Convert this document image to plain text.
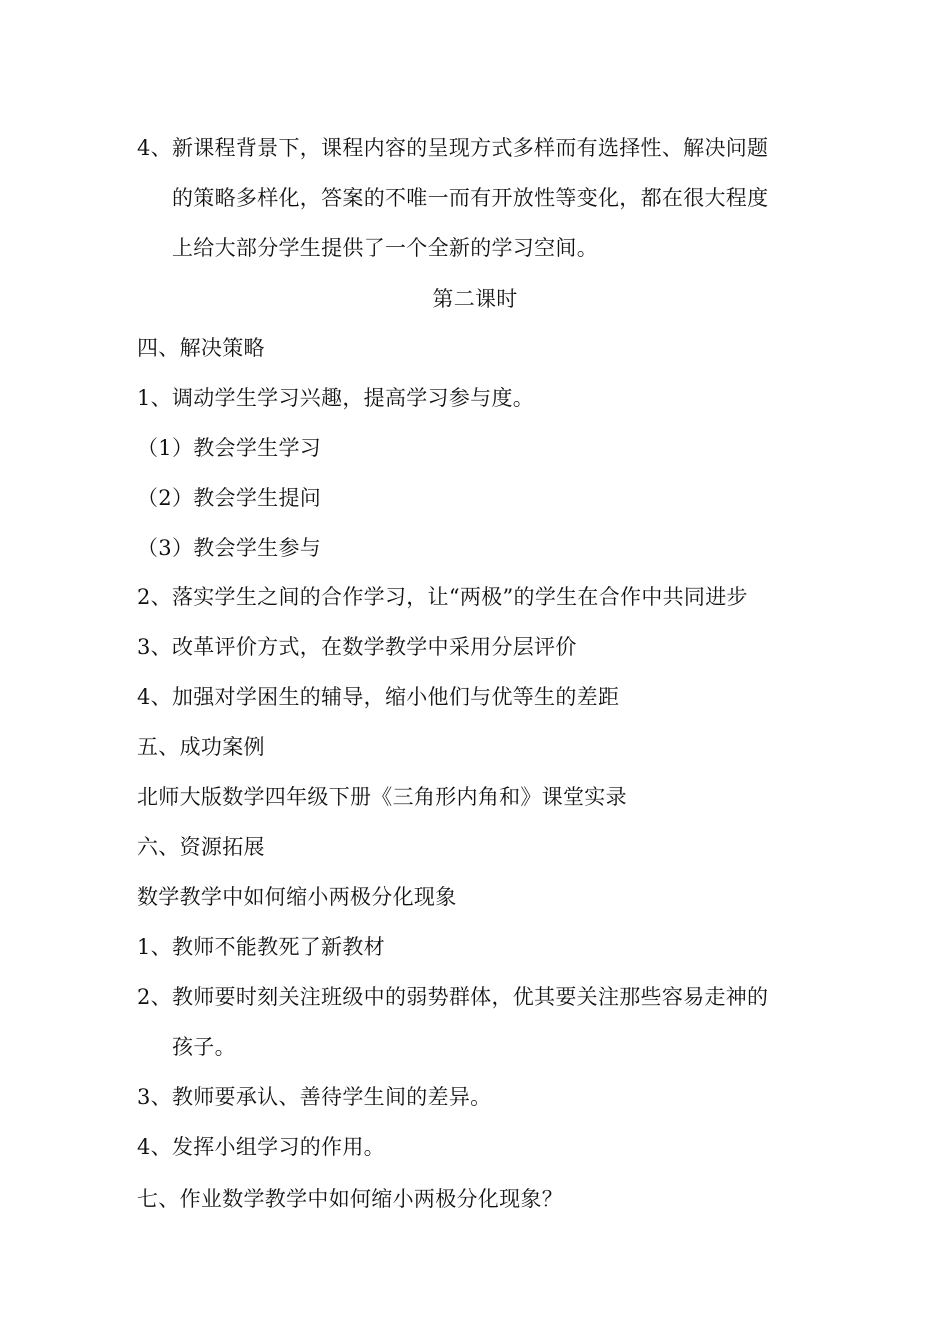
4、新课程背景下，课程内容的呈现方式多样而有选择性、解决问题
的策略多样化，答案的不唯一而有开放性等变化，都在很大程度
上给大部分学生提供了一个全新的学习空间。
第二课时
四、解决策略
1、调动学生学习兴趣，提高学习参与度。
（1）教会学生学习
（2）教会学生提问
（3）教会学生参与
2、落实学生之间的合作学习，让“两极”的学生在合作中共同进步
3、改革评价方式，在数学教学中采用分层评价
4、加强对学困生的辅导，缩小他们与优等生的差距
五、成功案例
北师大版数学四年级下册《三角形内角和》课堂实录
六、资源拓展
数学教学中如何缩小两极分化现象
1、教师不能教死了新教材
2、教师要时刻关注班级中的弱势群体，优其要关注那些容易走神的
孩子。
3、教师要承认、善待学生间的差异。
4、发挥小组学习的作用。
七、作业数学教学中如何缩小两极分化现象？
